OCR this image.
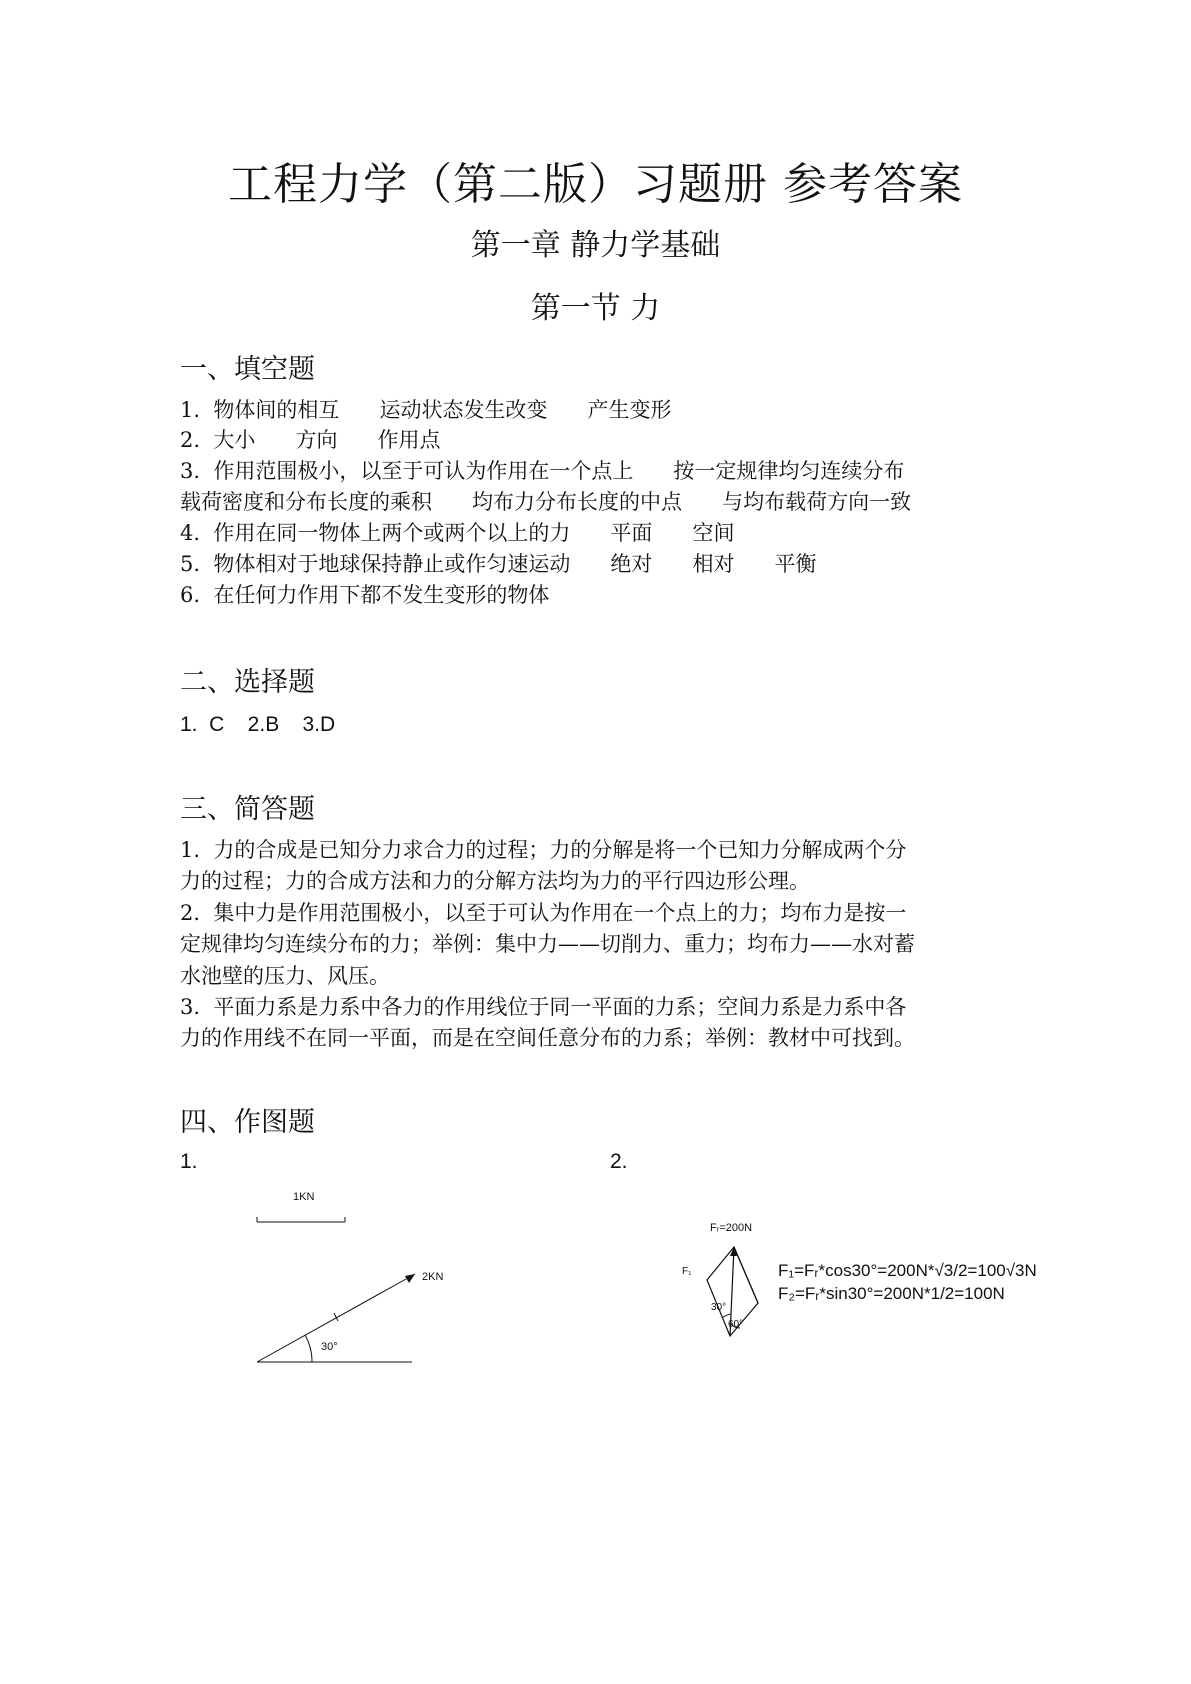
工程力学（第二版）习题册 参考答案
第一章 静力学基础
第一节 力
一、填空题
1.  物体间的相互      运动状态发生改变      产生变形
2.  大小      方向      作用点
3.  作用范围极小，以至于可认为作用在一个点上      按一定规律均匀连续分布
载荷密度和分布长度的乘积      均布力分布长度的中点      与均布载荷方向一致
4.  作用在同一物体上两个或两个以上的力      平面      空间
5.  物体相对于地球保持静止或作匀速运动      绝对      相对      平衡
6.  在任何力作用下都不发生变形的物体
二、选择题
1.  C    2.B    3.D
三、简答题
1.  力的合成是已知分力求合力的过程；力的分解是将一个已知力分解成两个分
力的过程；力的合成方法和力的分解方法均为力的平行四边形公理。
2.  集中力是作用范围极小，以至于可认为作用在一个点上的力；均布力是按一
定规律均匀连续分布的力；举例：集中力——切削力、重力；均布力——水对蓄
水池壁的压力、风压。
3.  平面力系是力系中各力的作用线位于同一平面的力系；空间力系是力系中各
力的作用线不在同一平面，而是在空间任意分布的力系；举例：教材中可找到。
四、作图题
1.	2.
1KN
30°
2KN
Fᵣ=200N
F₁
30°
60°
F₁=Fᵣ*cos30°=200N*√3/2=100√3N
F₂=Fᵣ*sin30°=200N*1/2=100N
